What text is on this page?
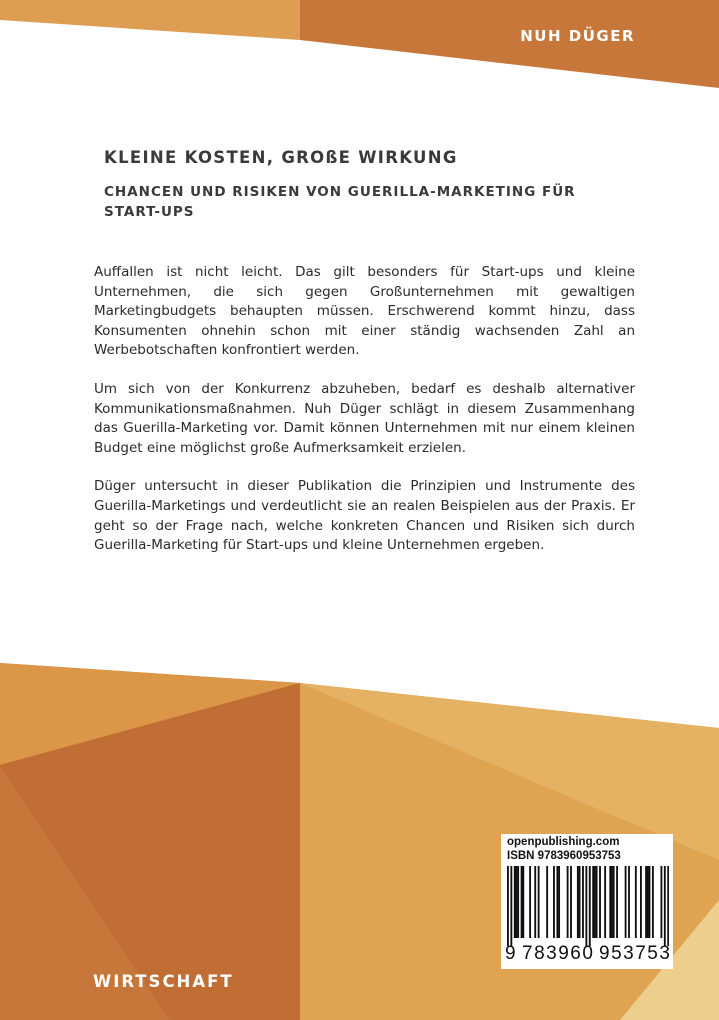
NUH DÜGER

KLEINE KOSTEN, GROßE WIRKUNG
CHANCEN UND RISIKEN VON GUERILLA-MARKETING FÜR START-UPS

Auffallen ist nicht leicht. Das gilt besonders für Start-ups und kleine Unternehmen, die sich gegen Großunternehmen mit gewaltigen Marketingbudgets behaupten müssen. Erschwerend kommt hinzu, dass Konsumenten ohnehin schon mit einer ständig wachsenden Zahl an Werbebotschaften konfrontiert werden.

Um sich von der Konkurrenz abzuheben, bedarf es deshalb alternativer Kommunikationsmaßnahmen. Nuh Düger schlägt in diesem Zusammenhang das Guerilla-Marketing vor. Damit können Unternehmen mit nur einem kleinen Budget eine möglichst große Aufmerksamkeit erzielen.

Düger untersucht in dieser Publikation die Prinzipien und Instrumente des Guerilla-Marketings und verdeutlicht sie an realen Beispielen aus der Praxis. Er geht so der Frage nach, welche konkreten Chancen und Risiken sich durch Guerilla-Marketing für Start-ups und kleine Unternehmen ergeben.

WIRTSCHAFT

openpublishing.com
ISBN 9783960953753
9 783960 953753
